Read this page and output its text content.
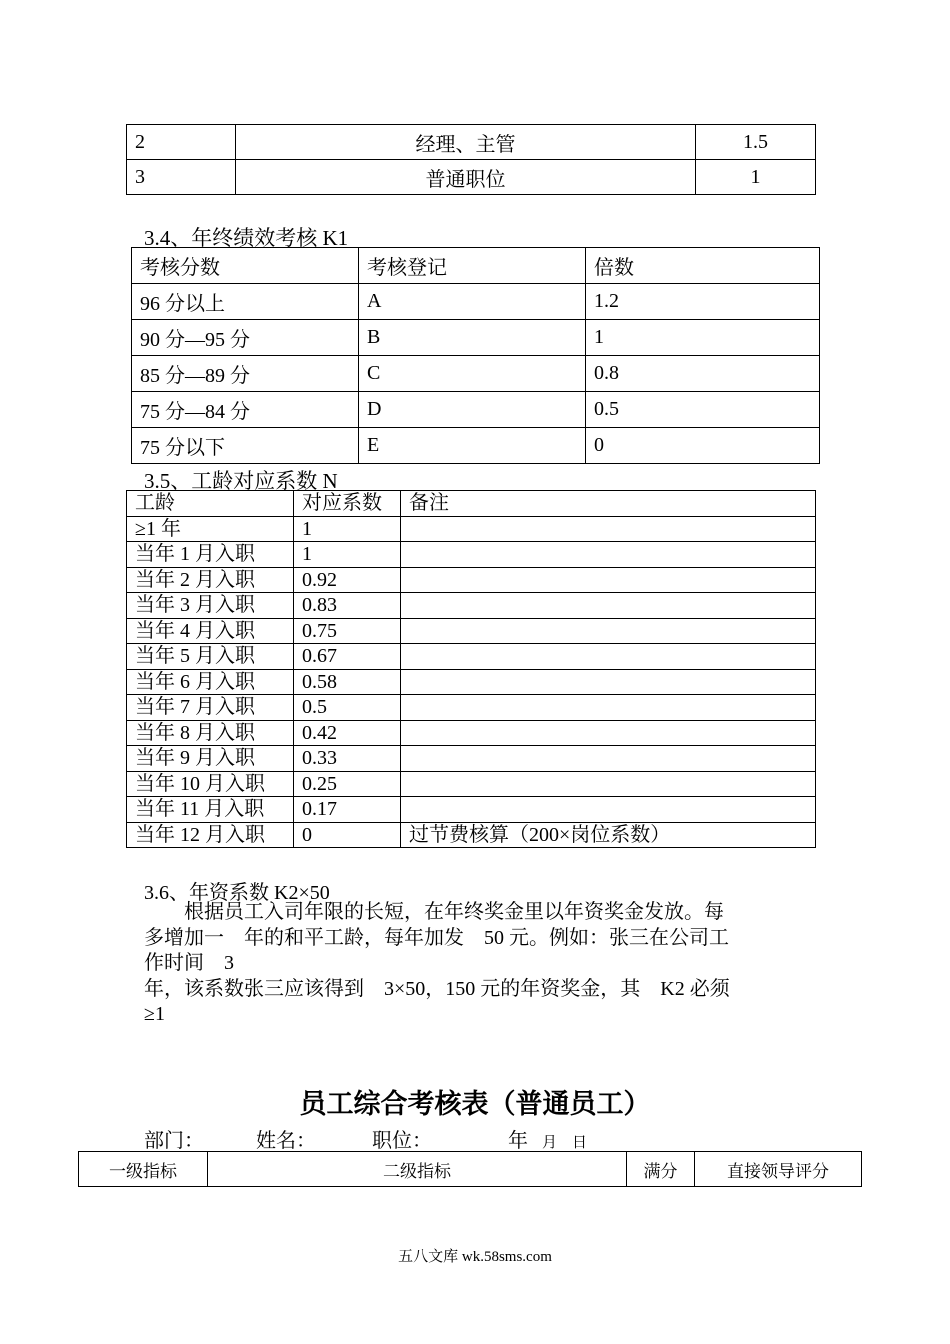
2	经理、主管	1.5
3	普通职位	1
3.4、年终绩效考核 K1
考核分数	考核登记	倍数
96 分以上	A	1.2
90 分—95 分	B	1
85 分—89 分	C	0.8
75 分—84 分	D	0.5
75 分以下	E	0
3.5、工龄对应系数 N
工龄	对应系数	备注
≥1 年	1	
当年 1 月入职	1	
当年 2 月入职	0.92	
当年 3 月入职	0.83	
当年 4 月入职	0.75	
当年 5 月入职	0.67	
当年 6 月入职	0.58	
当年 7 月入职	0.5	
当年 8 月入职	0.42	
当年 9 月入职	0.33	
当年 10 月入职	0.25	
当年 11 月入职	0.17	
当年 12 月入职	0	过节费核算（200×岗位系数）
3.6、年资系数 K2×50
　　根据员工入司年限的长短，在年终奖金里以年资奖金发放。每
多增加一　年的和平工龄，每年加发　50 元。例如：张三在公司工
作时间　3
年，该系数张三应该得到　3×50，150 元的年资奖金，其　K2 必须
≥1
员工综合考核表（普通员工）
部门：	姓名：	职位：	年 月 日
一级指标	二级指标	满分	直接领导评分
五八文库 wk.58sms.com
